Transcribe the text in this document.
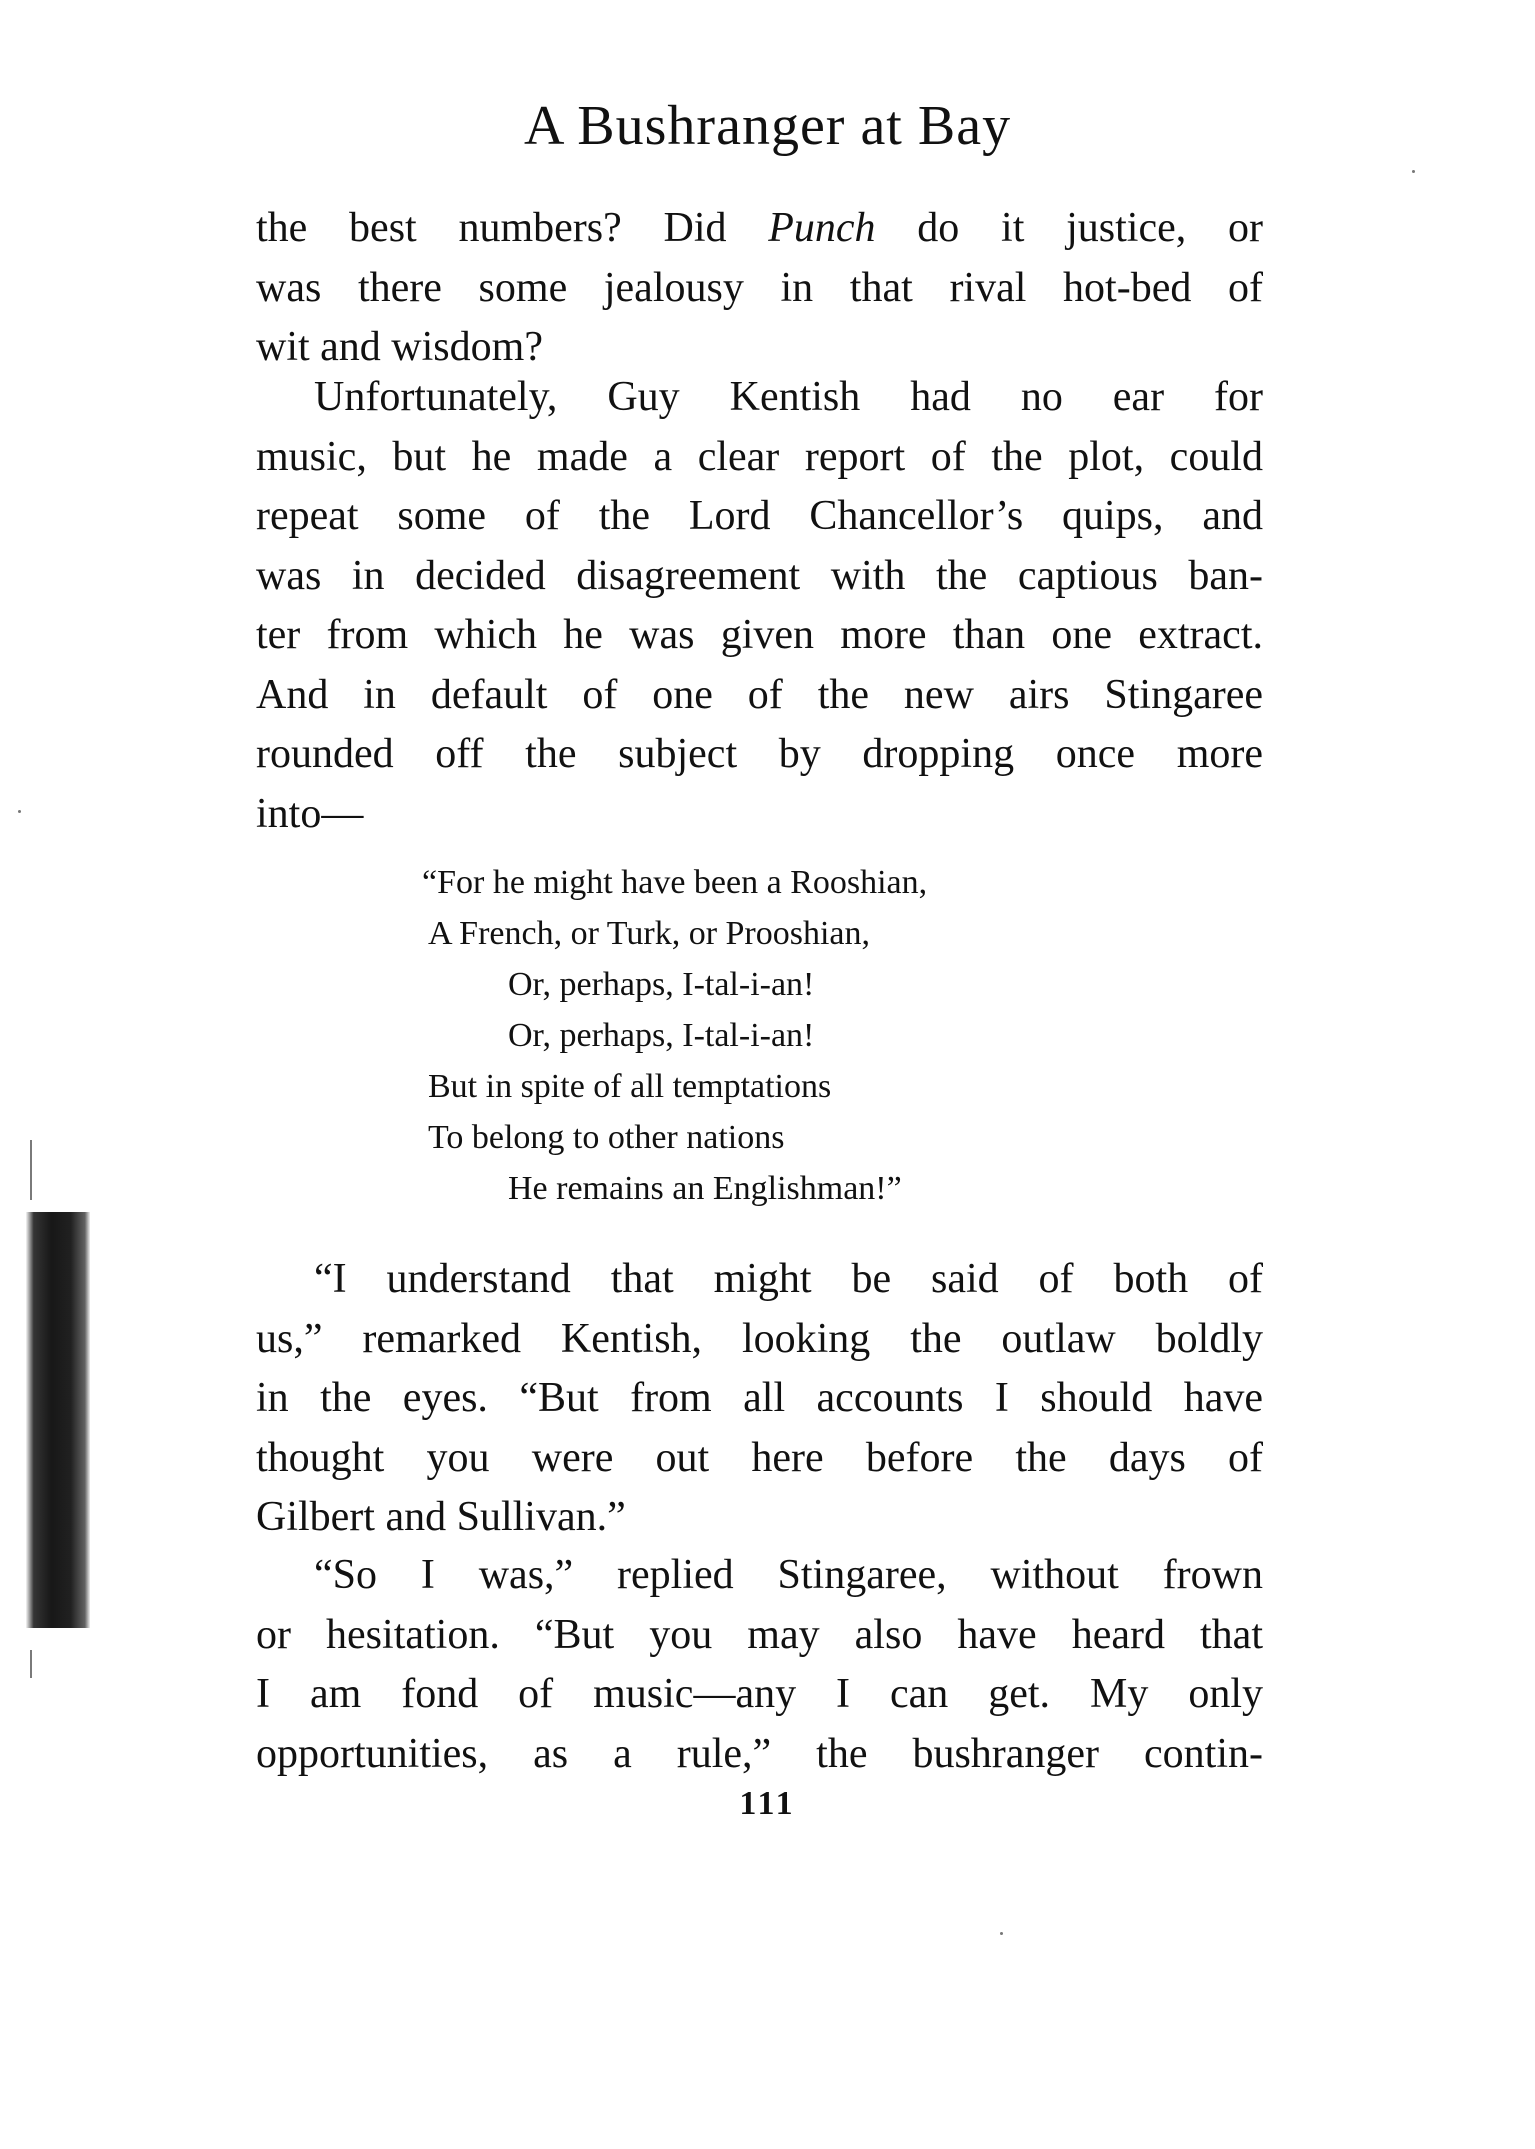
A Bushranger at Bay
the best numbers? Did Punch do it justice, or
was there some jealousy in that rival hot-bed of
wit and wisdom?
Unfortunately, Guy Kentish had no ear for
music, but he made a clear report of the plot, could
repeat some of the Lord Chancellor’s quips, and
was in decided disagreement with the captious ban-
ter from which he was given more than one extract.
And in default of one of the new airs Stingaree
rounded off the subject by dropping once more
into—
“For he might have been a Rooshian,
A French, or Turk, or Prooshian,
Or, perhaps, I-tal-i-an!
Or, perhaps, I-tal-i-an!
But in spite of all temptations
To belong to other nations
He remains an Englishman!”
“I understand that might be said of both of
us,” remarked Kentish, looking the outlaw boldly
in the eyes. “But from all accounts I should have
thought you were out here before the days of
Gilbert and Sullivan.”
“So I was,” replied Stingaree, without frown
or hesitation. “But you may also have heard that
I am fond of music—any I can get. My only
opportunities, as a rule,” the bushranger contin-
111
